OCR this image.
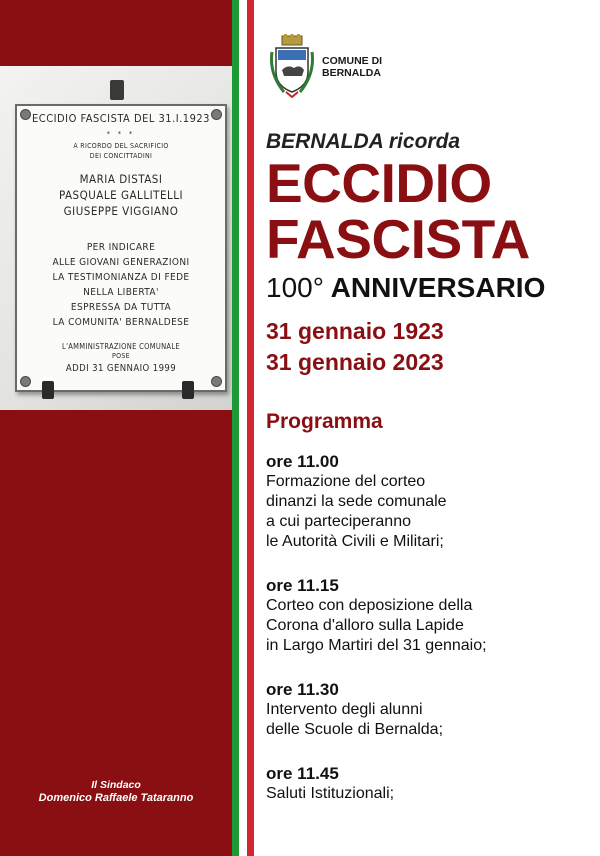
ECCIDIO FASCISTA DEL 31.I.1923
* * *
A RICORDO DEL SACRIFICIO
DEI CONCITTADINI
MARIA DISTASI
PASQUALE GALLITELLI
GIUSEPPE VIGGIANO
PER INDICARE
ALLE GIOVANI GENERAZIONI
LA TESTIMONIANZA DI FEDE
NELLA LIBERTA'
ESPRESSA DA TUTTA
LA COMUNITA' BERNALDESE
L'AMMINISTRAZIONE COMUNALE
POSE
ADDI 31 GENNAIO 1999
Il Sindaco
Domenico Raffaele Tataranno
COMUNE DI
BERNALDA
BERNALDA ricorda
ECCIDIO
FASCISTA
100° ANNIVERSARIO
31 gennaio 1923
31 gennaio 2023
Programma
ore 11.00
Formazione del corteo
dinanzi la sede comunale
a cui parteciperanno
le Autorità Civili e Militari;
ore 11.15
Corteo con deposizione della
Corona d'alloro sulla Lapide
in Largo Martiri del 31 gennaio;
ore 11.30
Intervento degli alunni
delle Scuole di Bernalda;
ore 11.45
Saluti Istituzionali;
